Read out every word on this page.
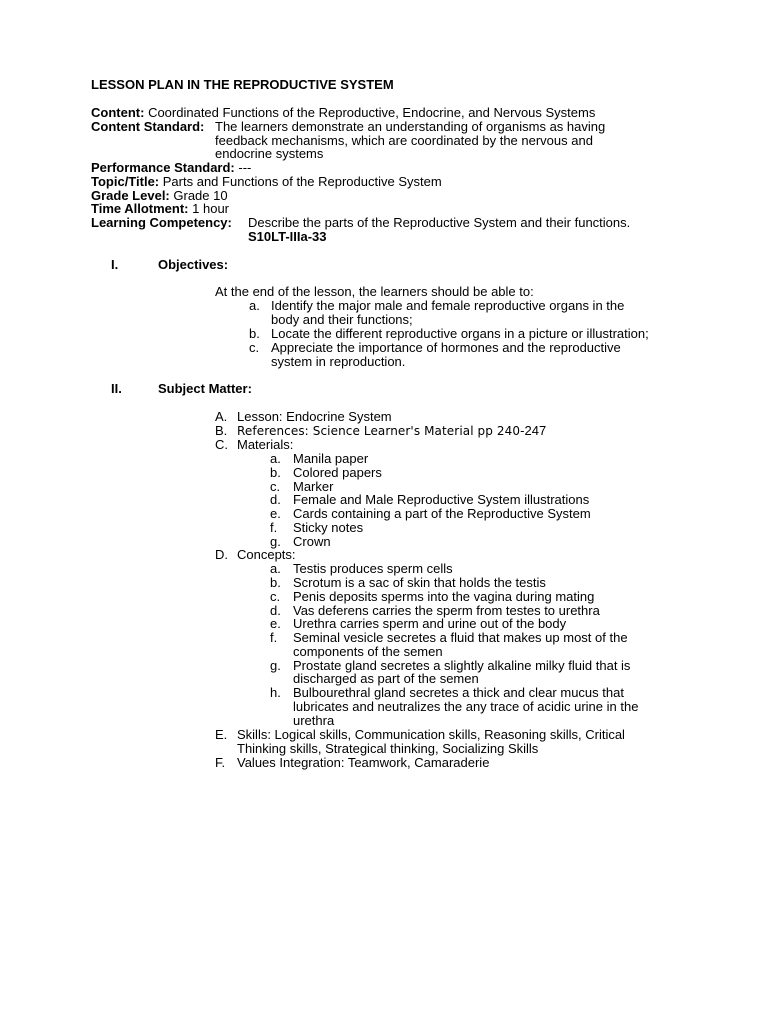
LESSON PLAN IN THE REPRODUCTIVE SYSTEM
Content: Coordinated Functions of the Reproductive, Endocrine, and Nervous Systems
Content Standard: The learners demonstrate an understanding of organisms as having
feedback mechanisms, which are coordinated by the nervous and
endocrine systems
Performance Standard: ---
Topic/Title: Parts and Functions of the Reproductive System
Grade Level: Grade 10
Time Allotment: 1 hour
Learning Competency: Describe the parts of the Reproductive System and their functions.
S10LT-IIIa-33
I.	Objectives:
At the end of the lesson, the learners should be able to:
a. Identify the major male and female reproductive organs in the
body and their functions;
b. Locate the different reproductive organs in a picture or illustration;
c. Appreciate the importance of hormones and the reproductive
system in reproduction.
II.	Subject Matter:
A. Lesson: Endocrine System
B. References: Science Learner's Material pp 240-247
C. Materials:
a. Manila paper
b. Colored papers
c. Marker
d. Female and Male Reproductive System illustrations
e. Cards containing a part of the Reproductive System
f. Sticky notes
g. Crown
D. Concepts:
a. Testis produces sperm cells
b. Scrotum is a sac of skin that holds the testis
c. Penis deposits sperms into the vagina during mating
d. Vas deferens carries the sperm from testes to urethra
e. Urethra carries sperm and urine out of the body
f. Seminal vesicle secretes a fluid that makes up most of the
components of the semen
g. Prostate gland secretes a slightly alkaline milky fluid that is
discharged as part of the semen
h. Bulbourethral gland secretes a thick and clear mucus that
lubricates and neutralizes the any trace of acidic urine in the
urethra
E. Skills: Logical skills, Communication skills, Reasoning skills, Critical
Thinking skills, Strategical thinking, Socializing Skills
F. Values Integration: Teamwork, Camaraderie
